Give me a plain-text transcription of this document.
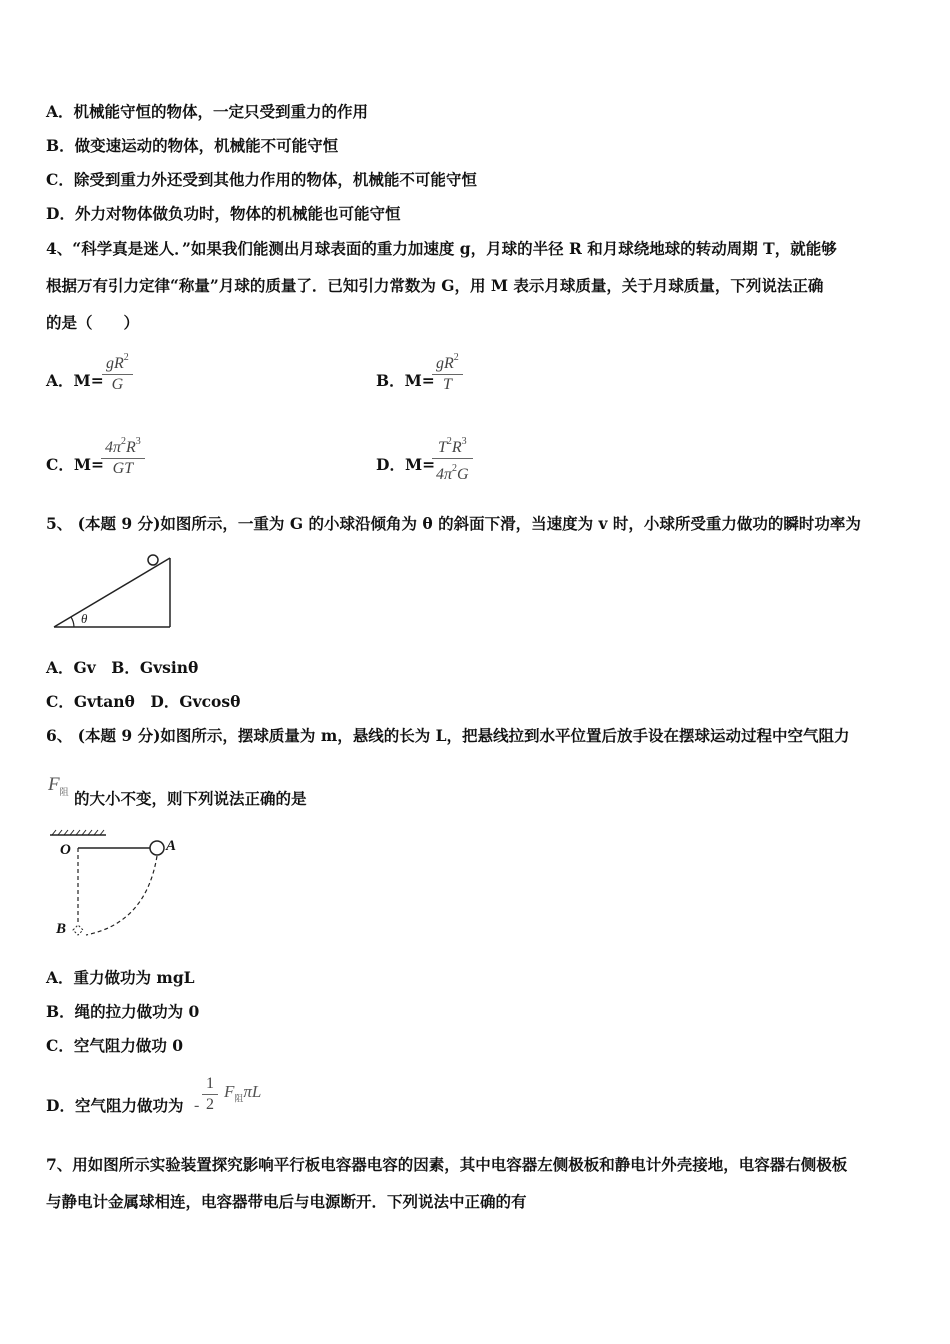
A．机械能守恒的物体，一定只受到重力的作用
B．做变速运动的物体，机械能不可能守恒
C．除受到重力外还受到其他力作用的物体，机械能不可能守恒
D．外力对物体做负功时，物体的机械能也可能守恒
4、“科学真是迷人．”如果我们能测出月球表面的重力加速度 g，月球的半径 R 和月球绕地球的转动周期 T，就能够
根据万有引力定律“称量”月球的质量了．已知引力常数为 G，用 M 表示月球质量，关于月球质量，下列说法正确
的是（　　）
A．M=
$gR^2$
G	B．M=
$gR^2$
T
C．M=
$4\pi^2R^3$
GT	D．M=
$T^2R^3$
$4\pi^2G$
5、 (本题 9 分)如图所示，一重为 G 的小球沿倾角为 θ 的斜面下滑，当速度为 v 时，小球所受重力做功的瞬时功率为
θ
A．Gv　B．Gvsinθ
C．Gvtanθ　D．Gvcosθ
6、 (本题 9 分)如图所示，摆球质量为 m，悬线的长为 L，把悬线拉到水平位置后放手设在摆球运动过程中空气阻力
$F_阻$ 的大小不变，则下列说法正确的是
O	A
B
A．重力做功为 mgL
B．绳的拉力做功为 0
C．空气阻力做功 0
D．空气阻力做功为 -
1
2
$F_阻\pi L$
7、用如图所示实验装置探究影响平行板电容器电容的因素，其中电容器左侧极板和静电计外壳接地，电容器右侧极板
与静电计金属球相连，电容器带电后与电源断开．下列说法中正确的有
